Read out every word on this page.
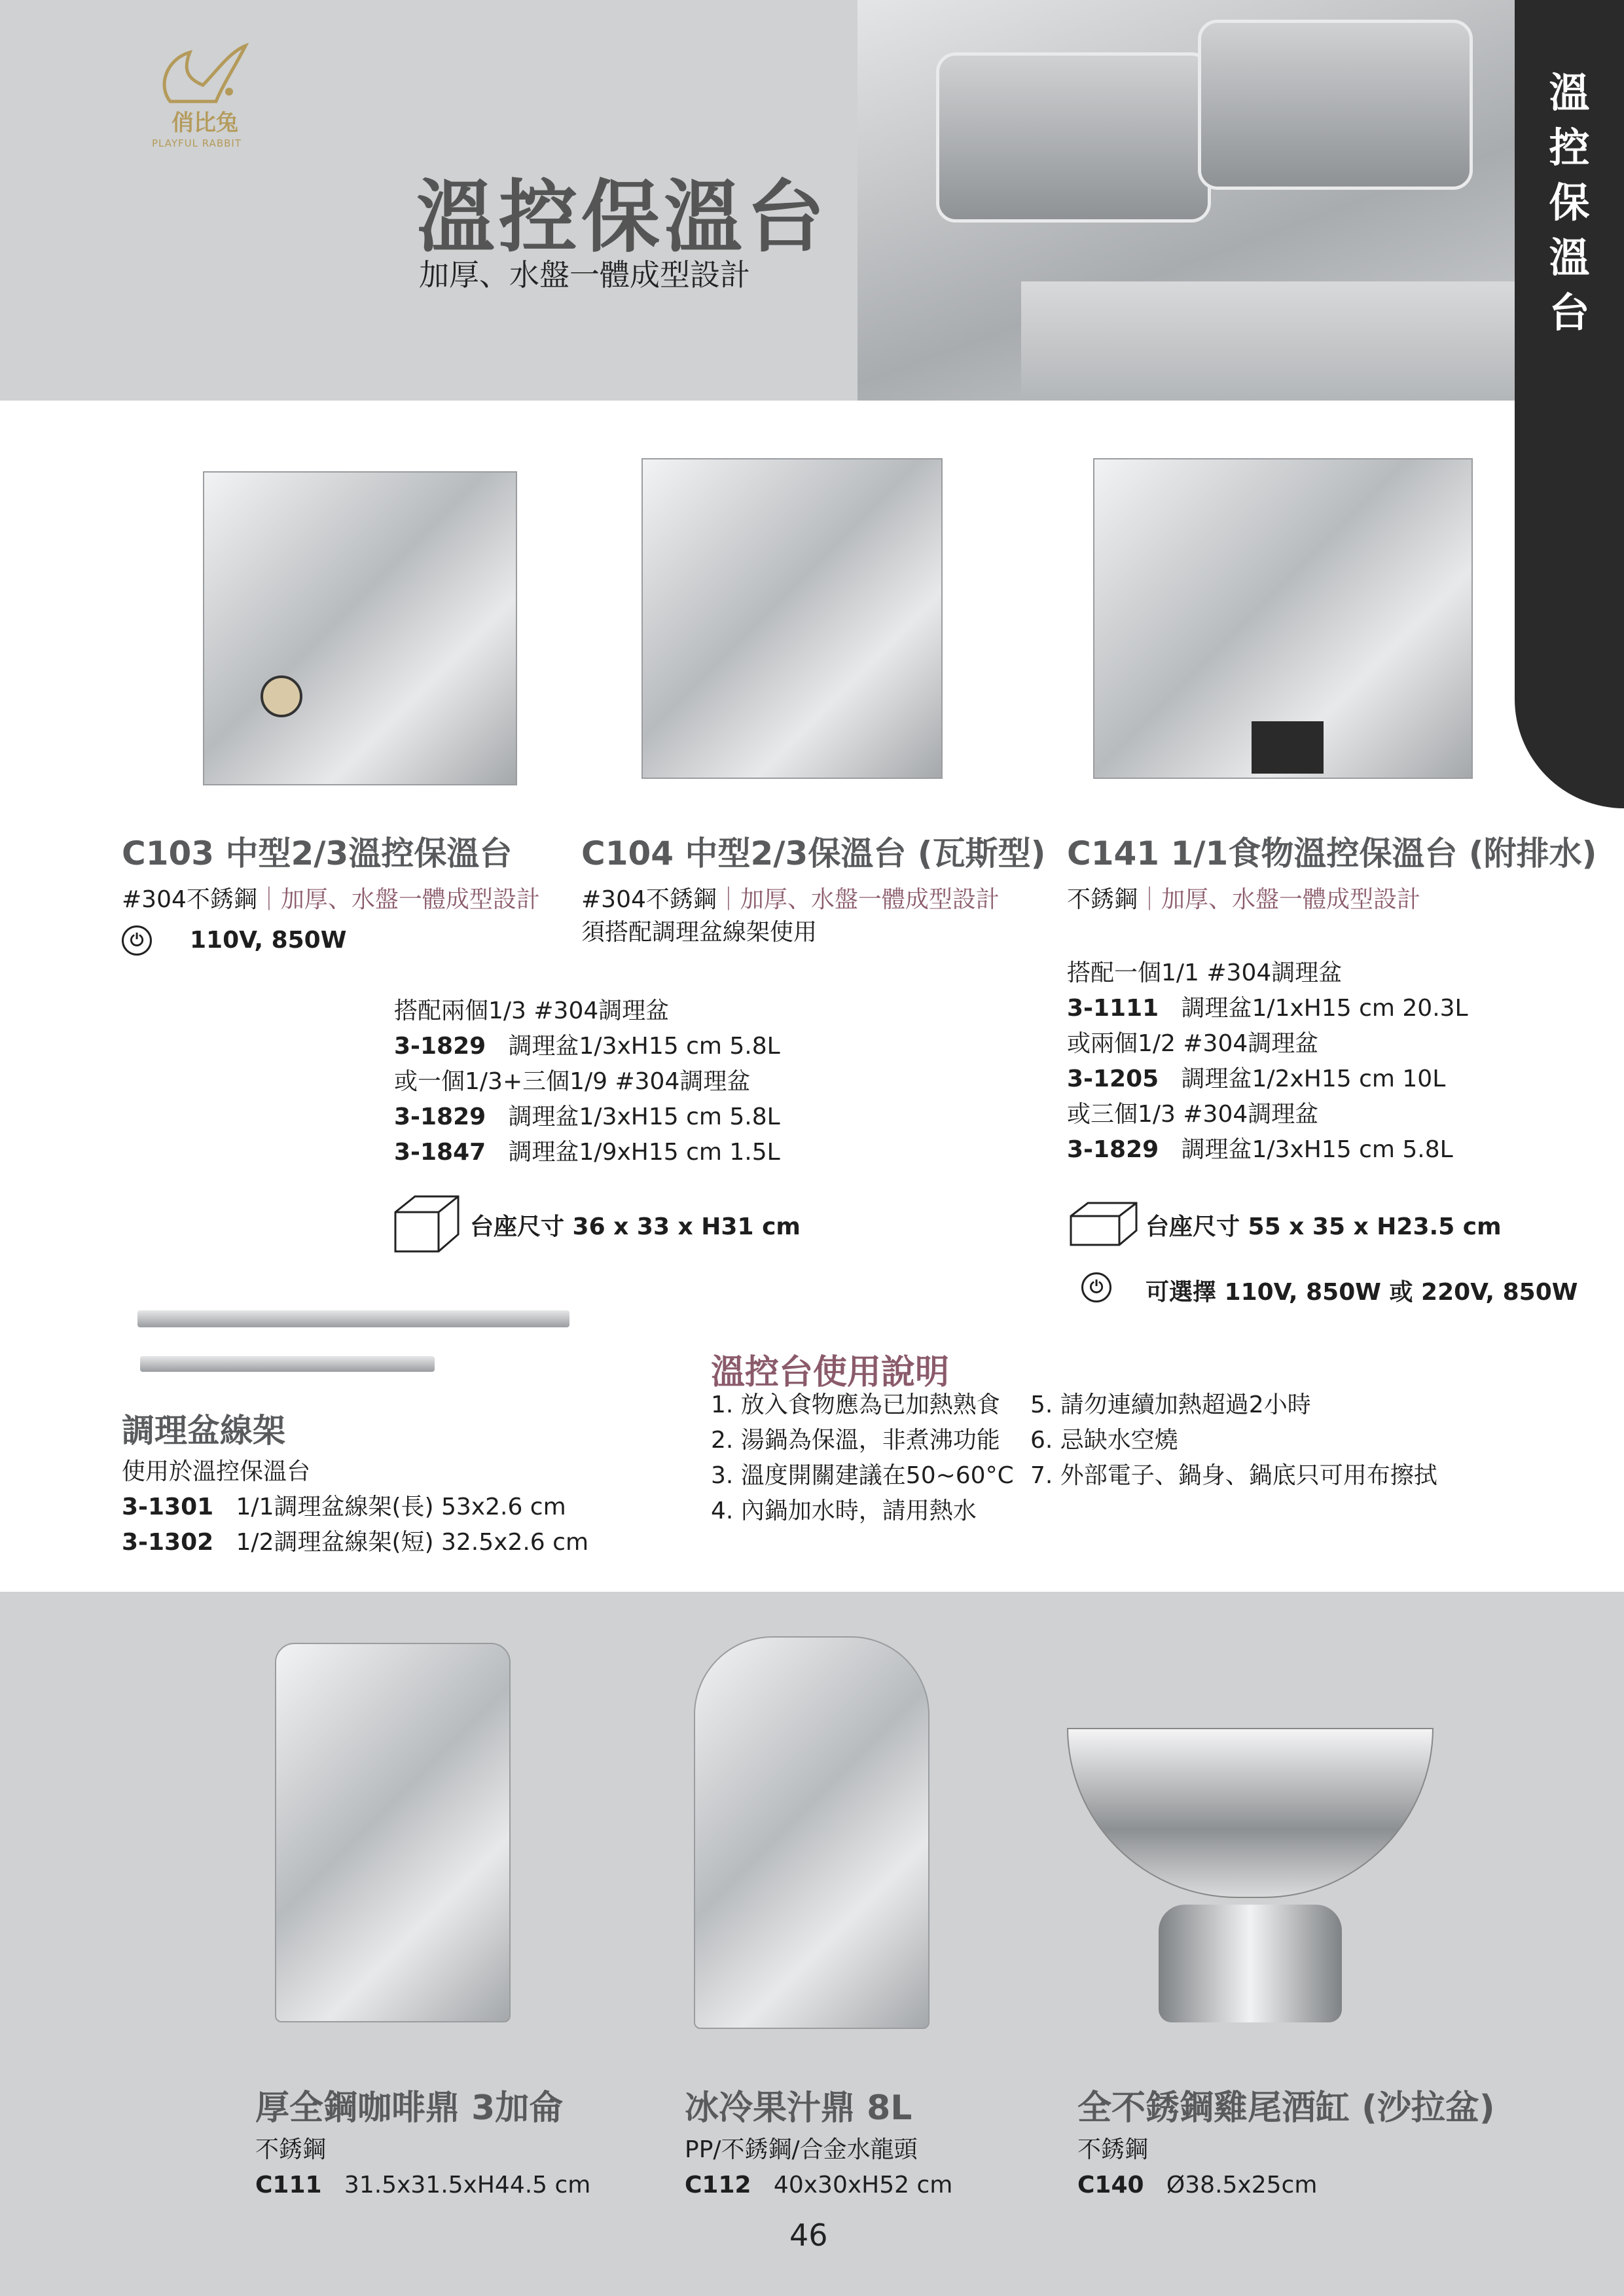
俏比兔
PLAYFUL RABBIT
溫控保溫台
加厚、水盤一體成型設計
溫控保溫台
C103 中型2/3溫控保溫台
#304不銹鋼｜加厚、水盤一體成型設計
⏻	110V, 850W
C104 中型2/3保溫台 (瓦斯型)
#304不銹鋼｜加厚、水盤一體成型設計
須搭配調理盆線架使用
C141 1/1食物溫控保溫台 (附排水)
不銹鋼｜加厚、水盤一體成型設計
搭配兩個1/3 #304調理盆
3-1829 調理盆1/3xH15 cm 5.8L
或一個1/3+三個1/9 #304調理盆
3-1829 調理盆1/3xH15 cm 5.8L
3-1847 調理盆1/9xH15 cm 1.5L
台座尺寸 36 x 33 x H31 cm
搭配一個1/1 #304調理盆
3-1111 調理盆1/1xH15 cm 20.3L
或兩個1/2 #304調理盆
3-1205 調理盆1/2xH15 cm 10L
或三個1/3 #304調理盆
3-1829 調理盆1/3xH15 cm 5.8L
台座尺寸 55 x 35 x H23.5 cm
⏻	可選擇 110V, 850W 或 220V, 850W
調理盆線架
使用於溫控保溫台
3-1301 1/1調理盆線架(長) 53x2.6 cm
3-1302 1/2調理盆線架(短) 32.5x2.6 cm
溫控台使用說明
1. 放入食物應為已加熱熟食
2. 湯鍋為保溫，非煮沸功能
3. 溫度開關建議在50~60°C
4. 內鍋加水時，請用熱水
5. 請勿連續加熱超過2小時
6. 忌缺水空燒
7. 外部電子、鍋身、鍋底只可用布擦拭
厚全鋼咖啡鼎 3加侖
不銹鋼
C111 31.5x31.5xH44.5 cm
冰冷果汁鼎 8L
PP/不銹鋼/合金水龍頭
C112 40x30xH52 cm
全不銹鋼雞尾酒缸 (沙拉盆)
不銹鋼
C140 Ø38.5x25cm
46
